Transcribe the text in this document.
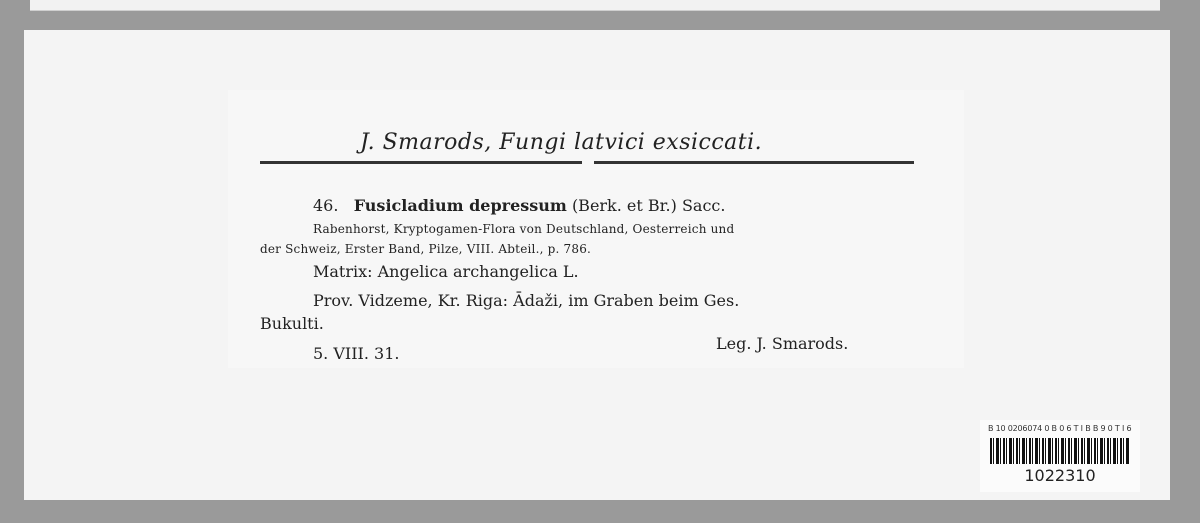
J. Smarods, Fungi latvici exsiccati.
46. Fusicladium depressum (Berk. et Br.) Sacc.
Rabenhorst, Kryptogamen-Flora von Deutschland, Oesterreich und
der Schweiz, Erster Band, Pilze, VIII. Abteil., p. 786.
Matrix: Angelica archangelica L.
Prov. Vidzeme, Kr. Riga: Ādaži, im Graben beim Ges.
Bukulti.
5. VIII. 31.
Leg. J. Smarods.
B 10 0206074 0 B 0 6 T I B B 9 0 T I 6
1022310
